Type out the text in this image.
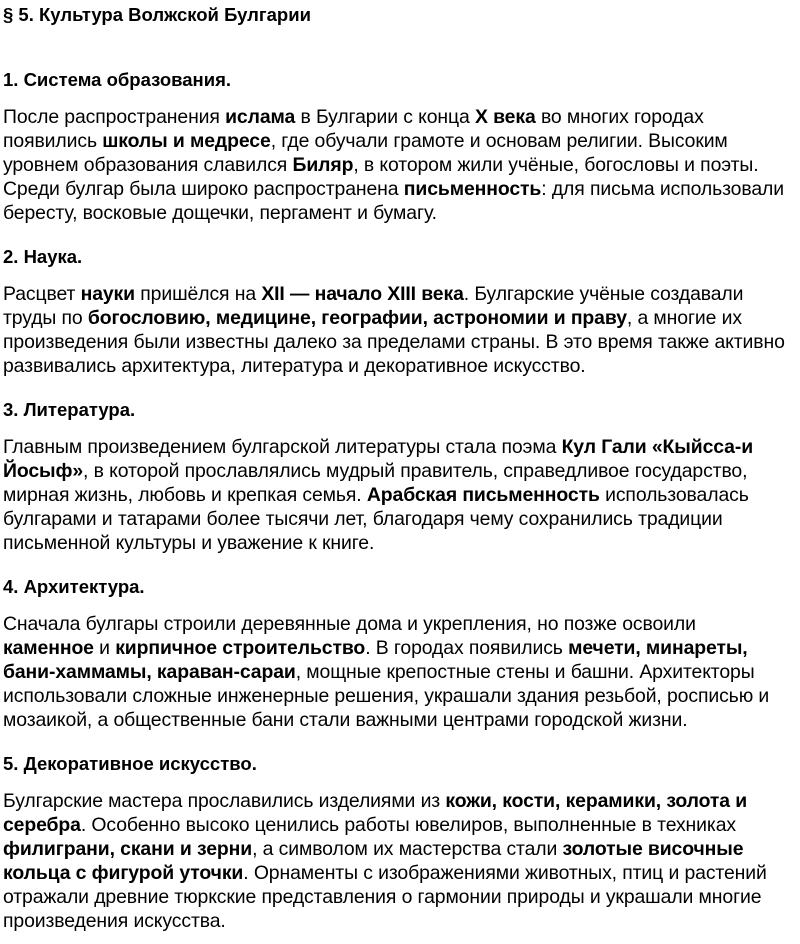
§ 5. Культура Волжской Булгарии
1. Система образования.

После распространения ислама в Булгарии с конца X века во многих городах появились школы и медресе, где обучали грамоте и основам религии. Высоким уровнем образования славился Биляр, в котором жили учёные, богословы и поэты. Среди булгар была широко распространена письменность: для письма использовали бересту, восковые дощечки, пергамент и бумагу.

2. Наука.

Расцвет науки пришёлся на XII — начало XIII века. Булгарские учёные создавали труды по богословию, медицине, географии, астрономии и праву, а многие их произведения были известны далеко за пределами страны. В это время также активно развивались архитектура, литература и декоративное искусство.

3. Литература.

Главным произведением булгарской литературы стала поэма Кул Гали «Кыйсса-и Йосыф», в которой прославлялись мудрый правитель, справедливое государство, мирная жизнь, любовь и крепкая семья. Арабская письменность использовалась булгарами и татарами более тысячи лет, благодаря чему сохранились традиции письменной культуры и уважение к книге.

4. Архитектура.

Сначала булгары строили деревянные дома и укрепления, но позже освоили каменное и кирпичное строительство. В городах появились мечети, минареты, бани-хаммамы, караван-сараи, мощные крепостные стены и башни. Архитекторы использовали сложные инженерные решения, украшали здания резьбой, росписью и мозаикой, а общественные бани стали важными центрами городской жизни.

5. Декоративное искусство.

Булгарские мастера прославились изделиями из кожи, кости, керамики, золота и серебра. Особенно высоко ценились работы ювелиров, выполненные в техниках филиграни, скани и зерни, а символом их мастерства стали золотые височные кольца с фигурой уточки. Орнаменты с изображениями животных, птиц и растений отражали древние тюркские представления о гармонии природы и украшали многие произведения искусства.
